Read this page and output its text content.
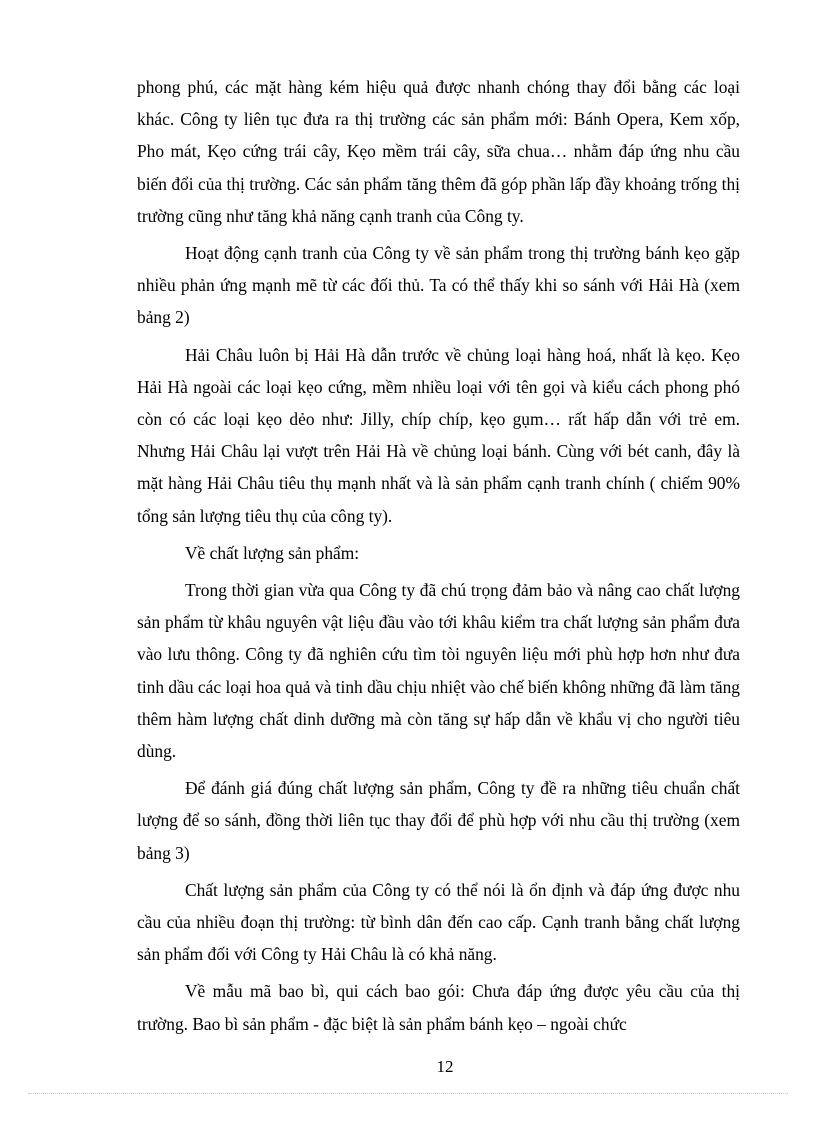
phong phú, các mặt hàng kém hiệu quả được nhanh chóng thay đổi bằng các loại khác. Công ty liên tục đưa ra thị trường các sản phẩm mới: Bánh Opera, Kem xốp, Pho mát, Kẹo cứng trái cây, Kẹo mềm trái cây, sữa chua… nhằm đáp ứng nhu cầu biến đổi của thị trường. Các sản phẩm tăng thêm đã góp phần lấp đầy khoảng trống thị trường cũng như tăng khả năng cạnh tranh của Công ty.

Hoạt động cạnh tranh của Công ty về sản phẩm trong thị trường bánh kẹo gặp nhiều phản ứng mạnh mẽ từ các đối thủ. Ta có thể thấy khi so sánh với Hải Hà (xem bảng 2)

Hải Châu luôn bị Hải Hà dẫn trước về chủng loại hàng hoá, nhất là kẹo. Kẹo Hải Hà ngoài các loại kẹo cứng, mềm nhiều loại với tên gọi và kiểu cách phong phó còn có các loại kẹo dẻo như: Jilly, chíp chíp, kẹo gụm… rất hấp dẫn với trẻ em. Nhưng Hải Châu lại vượt trên Hải Hà về chủng loại bánh. Cùng với bét canh, đây là mặt hàng Hải Châu tiêu thụ mạnh nhất và là sản phẩm cạnh tranh chính ( chiếm 90% tổng sản lượng tiêu thụ của công ty).

Về chất lượng sản phẩm:

Trong thời gian vừa qua Công ty đã chú trọng đảm bảo và nâng cao chất lượng sản phẩm từ khâu nguyên vật liệu đầu vào tới khâu kiểm tra chất lượng sản phẩm đưa vào lưu thông. Công ty đã nghiên cứu tìm tòi nguyên liệu mới phù hợp hơn như đưa tinh dầu các loại hoa quả và tinh dầu chịu nhiệt vào chế biến không những đã làm tăng thêm hàm lượng chất dinh dưỡng mà còn tăng sự hấp dẫn về khẩu vị cho người tiêu dùng.

Để đánh giá đúng chất lượng sản phẩm, Công ty đề ra những tiêu chuẩn chất lượng để so sánh, đồng thời liên tục thay đổi để phù hợp với nhu cầu thị trường (xem bảng 3)

Chất lượng sản phẩm của Công ty có thể nói là ổn định và đáp ứng được nhu cầu của nhiều đoạn thị trường: từ bình dân đến cao cấp. Cạnh tranh bằng chất lượng sản phẩm đối với Công ty Hải Châu là có khả năng.

Về mẫu mã bao bì, qui cách bao gói: Chưa đáp ứng được yêu cầu của thị trường. Bao bì sản phẩm - đặc biệt là sản phẩm bánh kẹo – ngoài chức

12
